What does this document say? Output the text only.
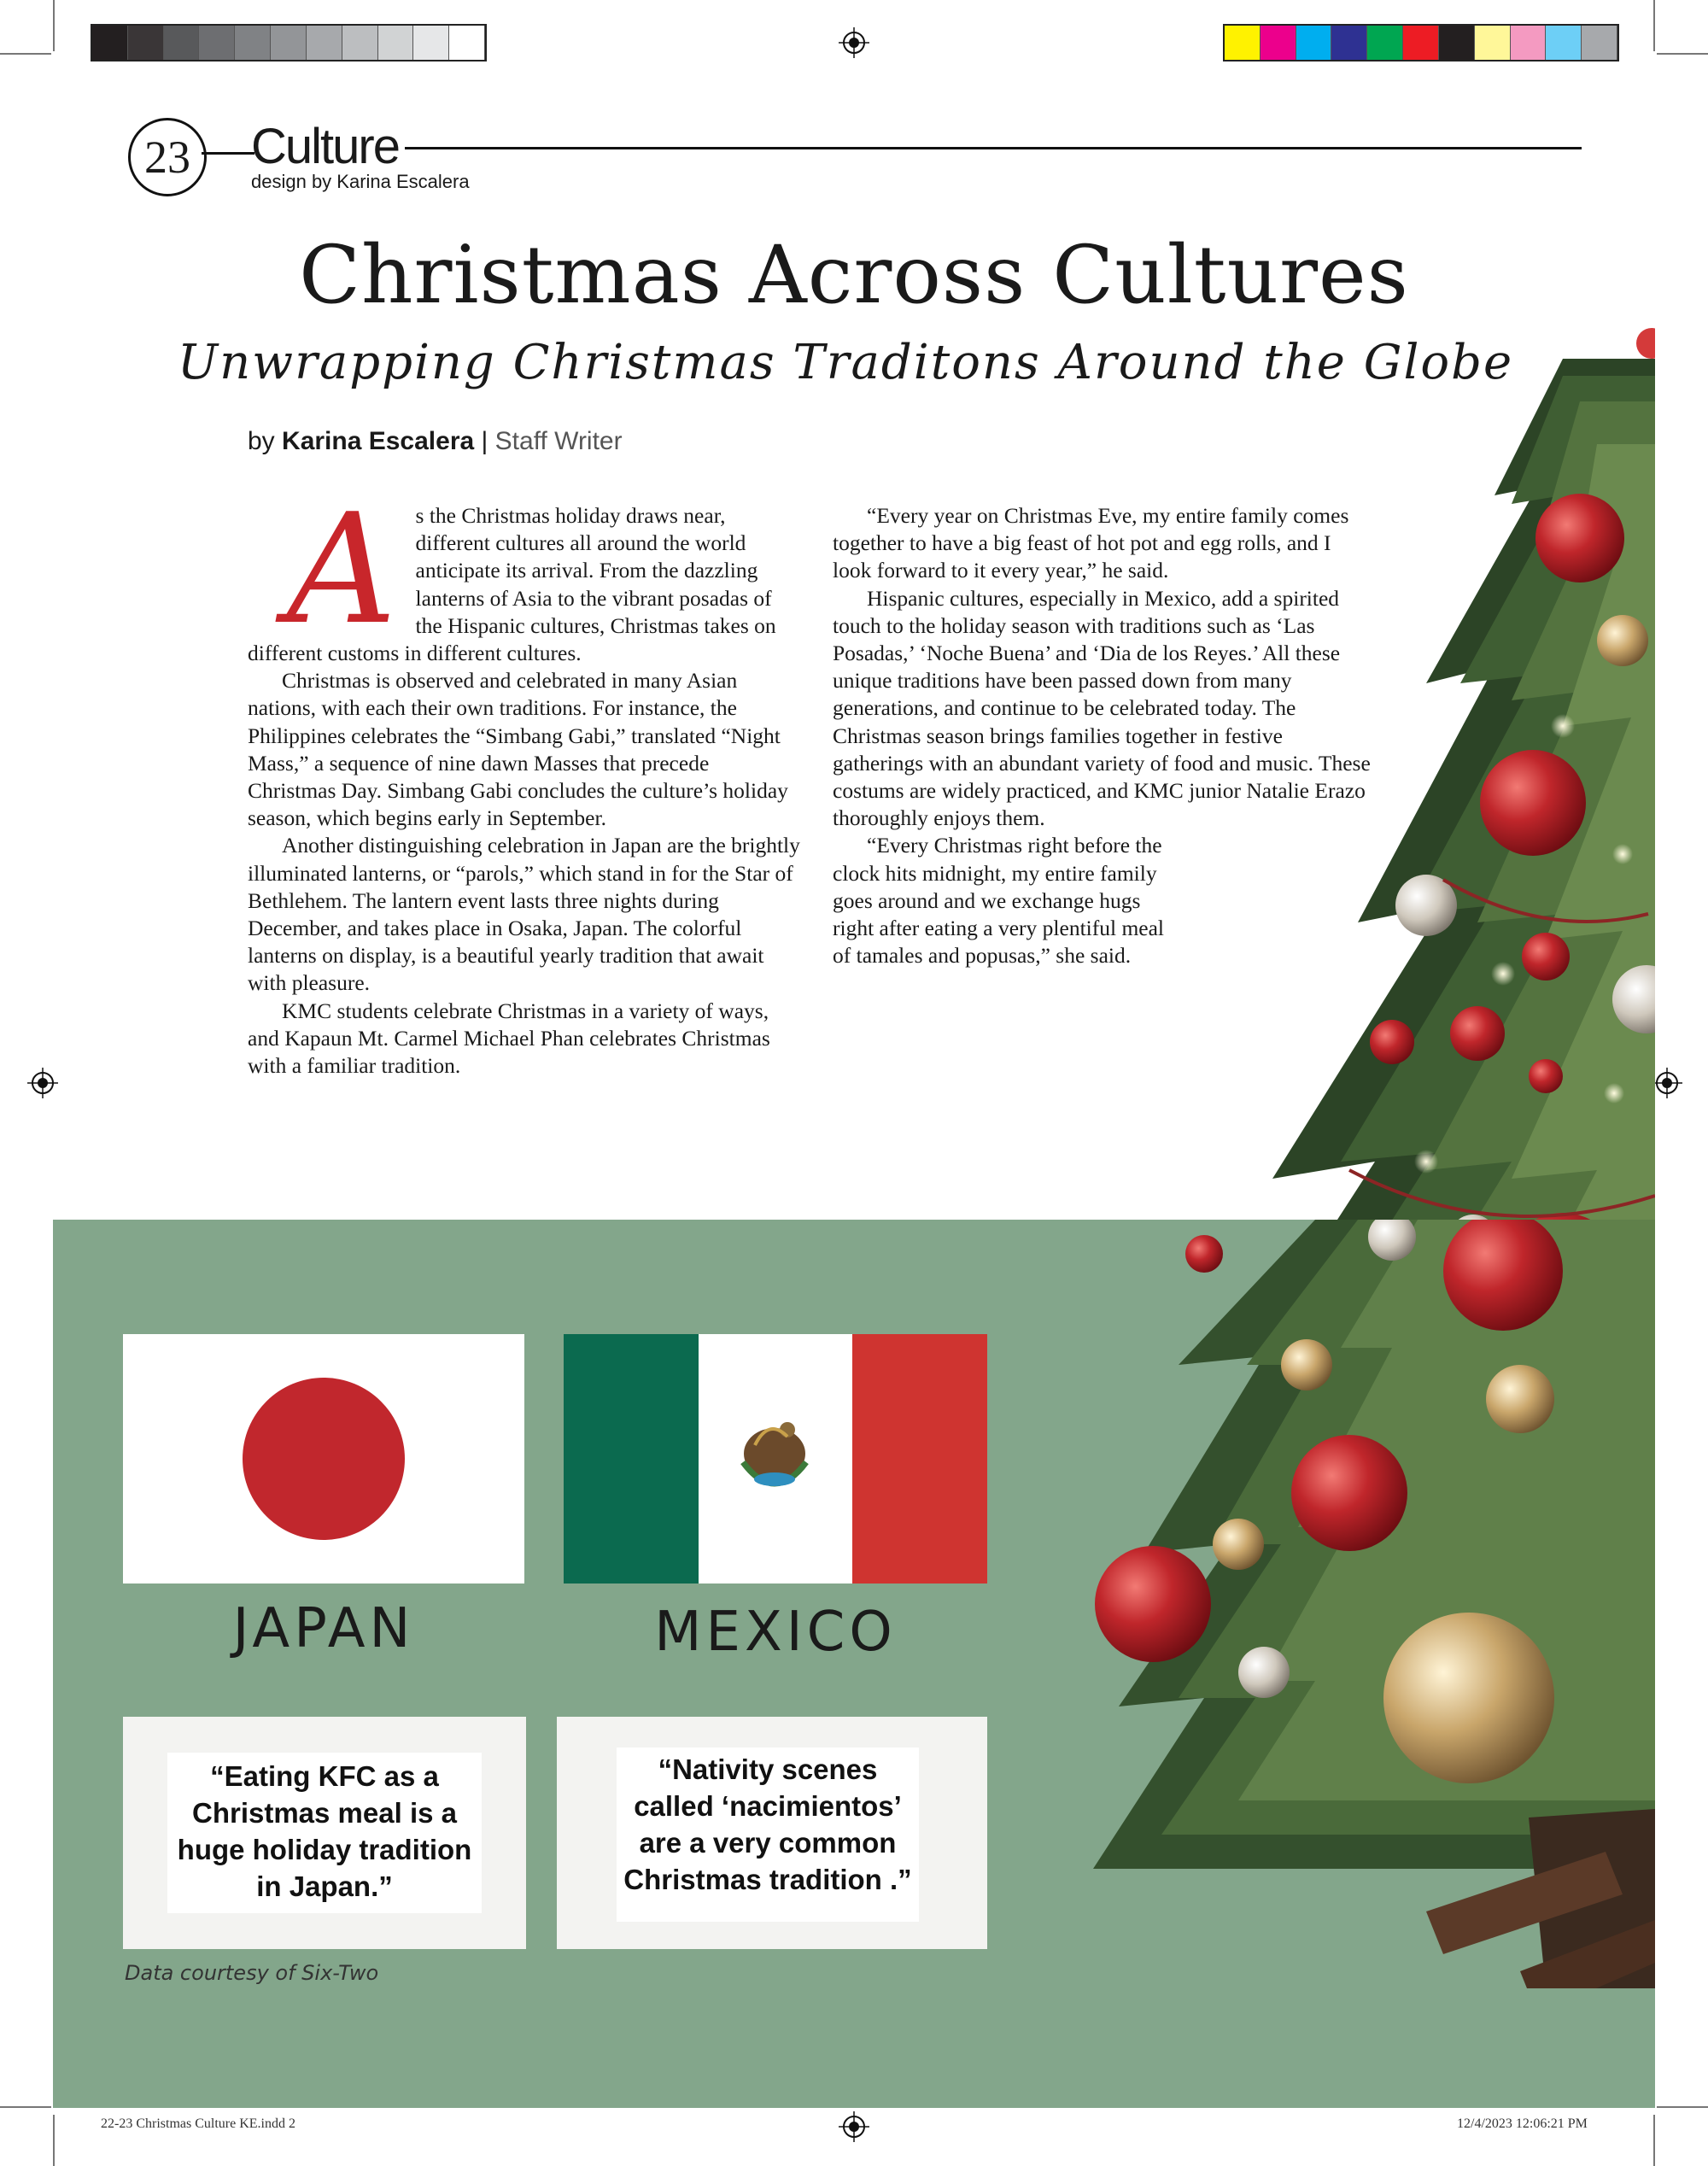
23	Culture
design by Karina Escalera
Christmas Across Cultures
Unwrapping Christmas Traditons Around the Globe
by Karina Escalera | Staff Writer
A s the Christmas holiday draws near, different cultures all around the world anticipate its arrival. From the dazzling lanterns of Asia to the vibrant posadas of the Hispanic cultures, Christmas takes on different customs in different cultures.

Christmas is observed and celebrated in many Asian nations, with each their own traditions. For instance, the Philippines celebrates the “Simbang Gabi,” translated “Night Mass,” a sequence of nine dawn Masses that precede Christmas Day. Simbang Gabi concludes the culture’s holiday season, which begins early in September.

Another distinguishing celebration in Japan are the brightly illuminated lanterns, or “parols,” which stand in for the Star of Bethlehem. The lantern event lasts three nights during December, and takes place in Osaka, Japan. The colorful lanterns on display, is a beautiful yearly tradition that await with pleasure.

KMC students celebrate Christmas in a variety of ways, and Kapaun Mt. Carmel Michael Phan celebrates Christmas with a familiar tradition.

“Every year on Christmas Eve, my entire family comes together to have a big feast of hot pot and egg rolls, and I look forward to it every year,” he said.

Hispanic cultures, especially in Mexico, add a spirited touch to the holiday season with traditions such as ‘Las Posadas,’ ‘Noche Buena’ and ‘Dia de los Reyes.’ All these unique traditions have been passed down from many generations, and continue to be celebrated today. The Christmas season brings families together in festive gatherings with an abundant variety of food and music. These costums are widely practiced, and KMC junior Natalie Erazo thoroughly enjoys them.

“Every Christmas right before the clock hits midnight, my entire family goes around and we exchange hugs right after eating a very plentiful meal of tamales and popusas,” she said.

JAPAN	MEXICO
“Eating KFC as a Christmas meal is a huge holiday tradition in Japan.”
“Nativity scenes called ‘nacimientos’ are a very common Christmas tradition .”
Data courtesy of Six-Two
22-23 Christmas Culture KE.indd 2	12/4/2023 12:06:21 PM
